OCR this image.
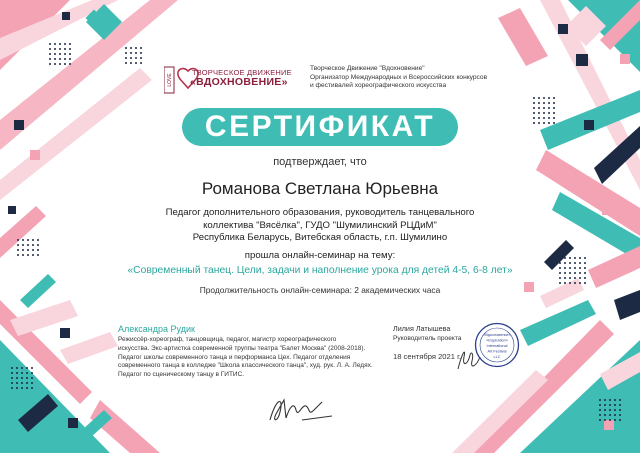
LOVE
ТВОРЧЕСКОЕ ДВИЖЕНИЕ
«ВДОХНОВЕНИЕ»
Творческое Движение "Вдохновение"
Организатор Международных и Всероссийских конкурсов
и фестивалей хореографического искусства
СЕРТИФИКАТ
подтверждает, что
Романова Светлана Юрьевна
Педагог дополнительного образования, руководитель танцевального
коллектива "Вясёлка", ГУДО "Шумилинский РЦДиМ"
Республика Беларусь, Витебская область, г.п. Шумилино
прошла онлайн-семинар на тему:
«Современный танец. Цели, задачи и наполнение урока для детей 4-5, 6-8 лет»
Продолжительность онлайн-семинара: 2 академических часа
Александра Рудик
Режиссёр-хореограф, танцовщица, педагог, магистр хореографического
искусства. Экс-артистка современной труппы театра "Балет Москва" (2008-2018).
Педагог школы современного танца и перформанса Цех. Педагог отделения
современного танца в колледже "Школа классического танца", худ. рук. Л. А. Ледях.
Педагог по сценическому танцу в ГИТИС.
Лилия Латышева
Руководитель проекта
18 сентября 2021 г.
«Вдохновение»
«Inspiration»
International
Art Festival
LLC
